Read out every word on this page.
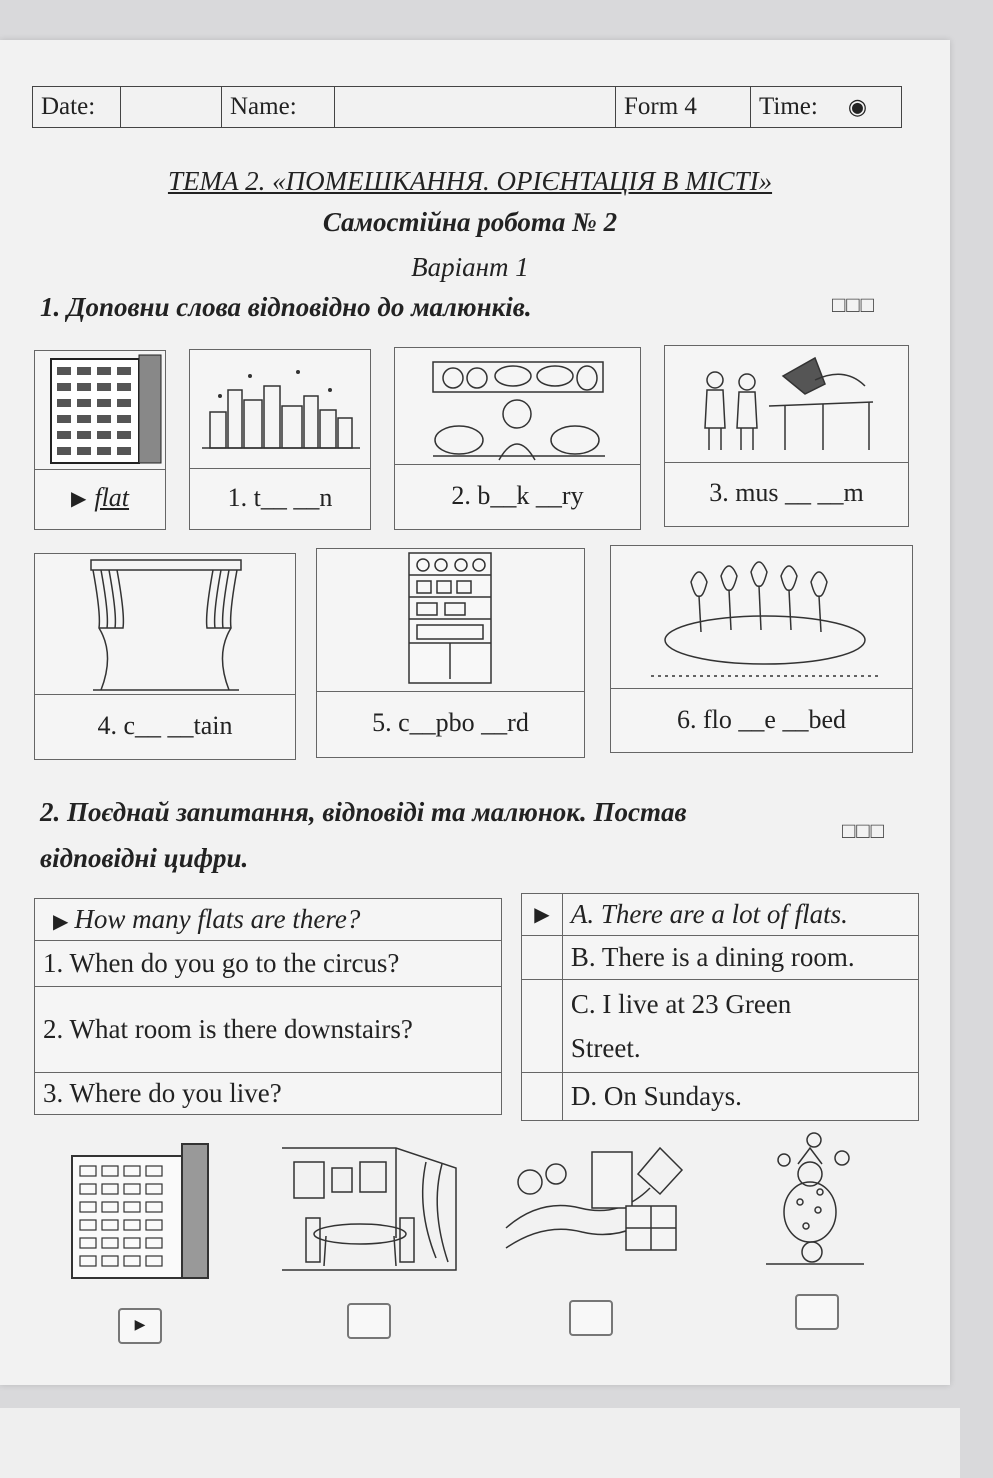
Date:	Name:	Form 4	Time: ◉
ТЕМА 2. «ПОМЕШКАННЯ. ОРІЄНТАЦІЯ В МІСТІ»
Самостійна робота № 2
Варіант 1
1. Доповни слова відповідно до малюнків.	□□□
▶ flat	1. t__ __n	2. b__k __ry	3. mus __ __m
4. c__ __tain	5. c__pbo __rd	6. flo __e __bed
2. Поєднай запитання, відповіді та малюнок. Постав
відповідні цифри.
□□□
▶ How many flats are there?
1. When do you go to the circus?
2. What room is there downstairs?
3. Where do you live?
▶	A. There are a lot of flats.
	B. There is a dining room.

	C. I live at 23 Green Street.

	D. On Sundays.
▶
